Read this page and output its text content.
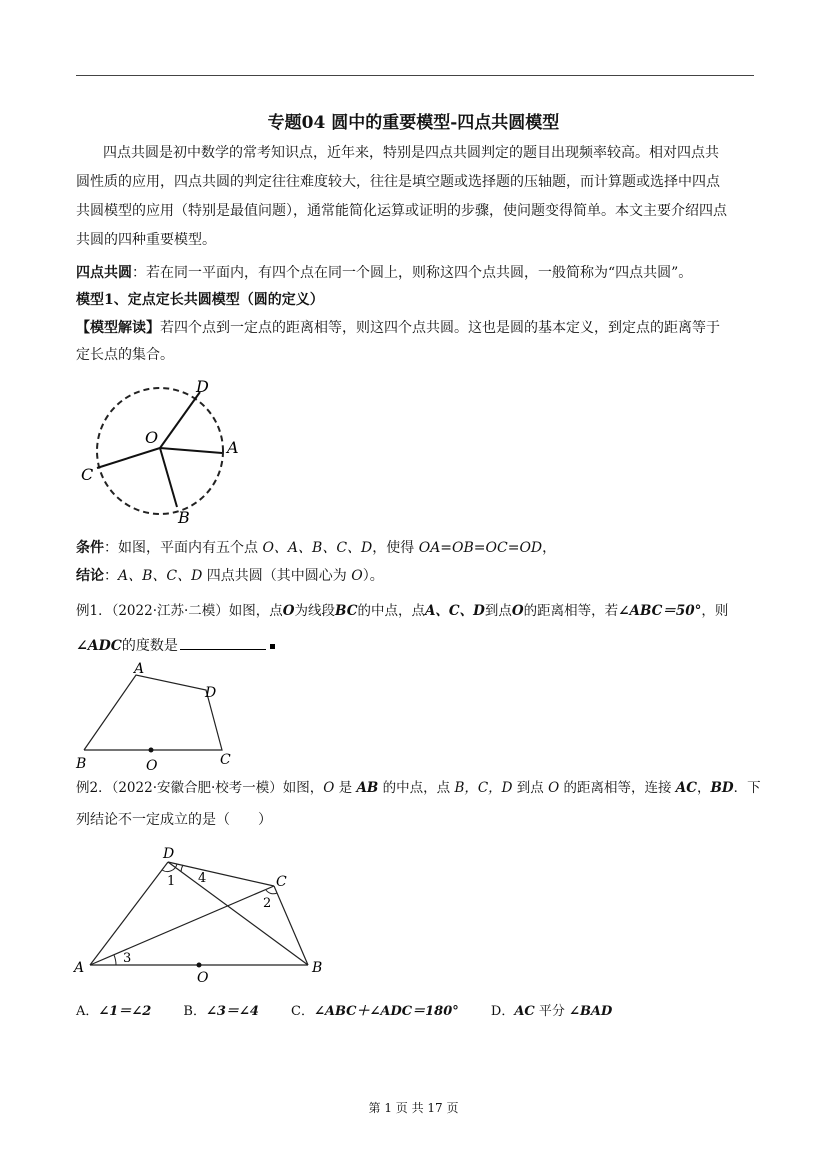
专题04 圆中的重要模型-四点共圆模型
四点共圆是初中数学的常考知识点，近年来，特别是四点共圆判定的题目出现频率较高。相对四点共
圆性质的应用，四点共圆的判定往往难度较大，往往是填空题或选择题的压轴题，而计算题或选择中四点
共圆模型的应用（特别是最值问题），通常能简化运算或证明的步骤，使问题变得简单。本文主要介绍四点
共圆的四种重要模型。
四点共圆：若在同一平面内，有四个点在同一个圆上，则称这四个点共圆，一般简称为“四点共圆”。
模型1、定点定长共圆模型（圆的定义）
【模型解读】若四个点到一定点的距离相等，则这四个点共圆。这也是圆的基本定义，到定点的距离等于
定长点的集合。
D
O
A
C
B
条件：如图，平面内有五个点 O、A、B、C、D，使得 OA=OB=OC=OD，
结论：A、B、C、D 四点共圆（其中圆心为 O）。
例1．（2022·江苏·二模）如图，点O为线段BC的中点，点A、C、D到点O的距离相等，若∠ABC＝50°，则
∠ADC的度数是
A
D
B	C
O
例2．（2022·安徽合肥·校考一模）如图，O 是 AB 的中点，点 B，C，D 到点 O 的距离相等，连接 AC，BD．下
列结论不一定成立的是（　　）
D
C
A	B
O
1 4
2
3
A．∠1＝∠2 B．∠3＝∠4 C．∠ABC＋∠ADC＝180° D．AC 平分 ∠BAD
第 1 页 共 17 页
